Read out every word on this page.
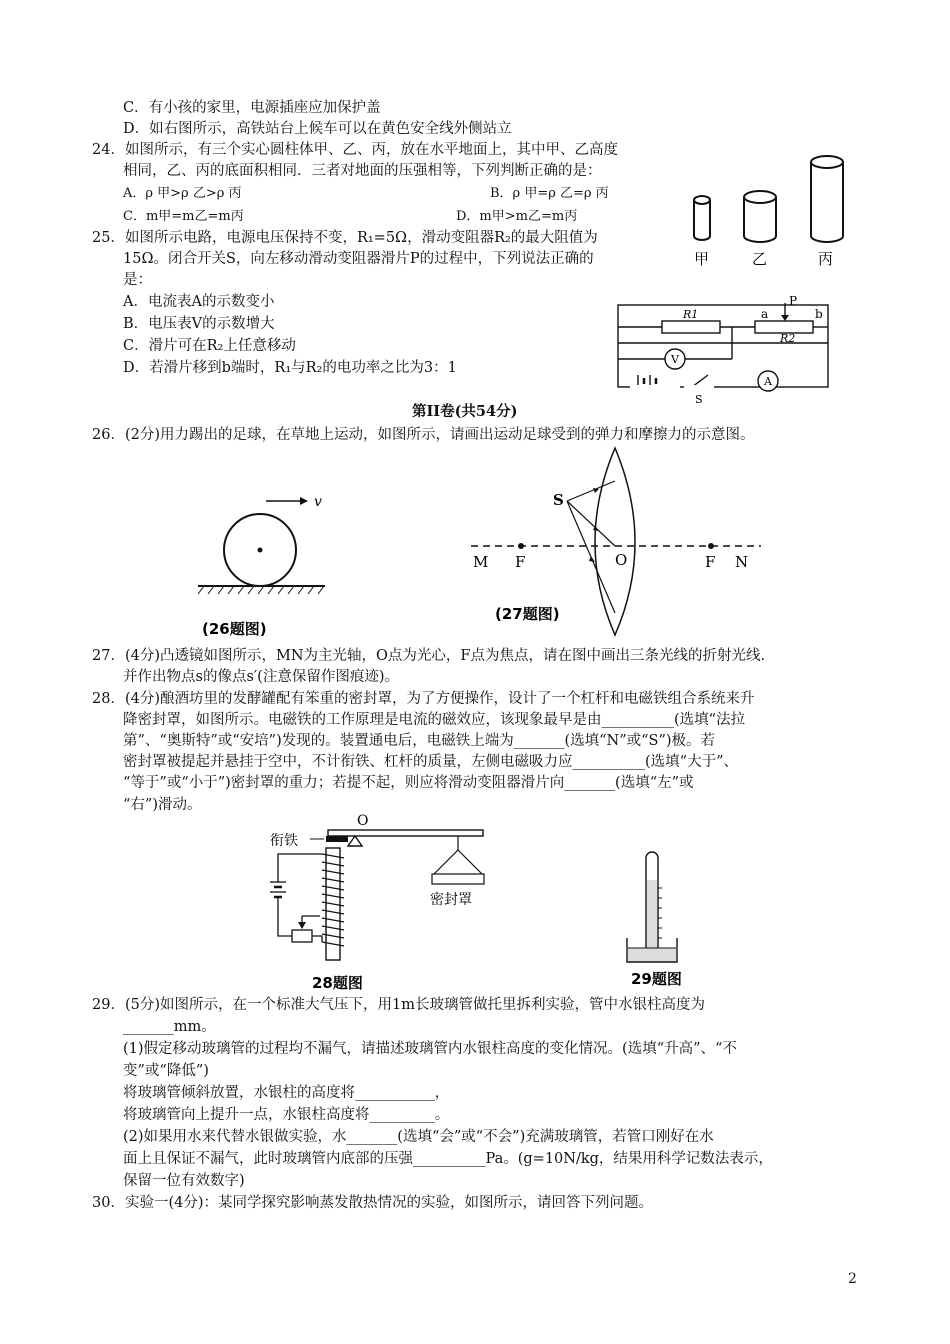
C．有小孩的家里，电源插座应加保护盖
D．如右图所示，高铁站台上候车可以在黄色安全线外侧站立
24．如图所示，有三个实心圆柱体甲、乙、丙，放在水平地面上，其中甲、乙高度
相同，乙、丙的底面积相同．三者对地面的压强相等，下列判断正确的是：
A．ρ 甲>ρ 乙>ρ 丙	B．ρ 甲=ρ 乙=ρ 丙
C．m甲=m乙=m丙	D．m甲>m乙=m丙
25．如图所示电路，电源电压保持不变，R₁=5Ω，滑动变阻器R₂的最大阻值为
15Ω。闭合开关S，向左移动滑动变阻器滑片P的过程中，下列说法正确的
是：
A．电流表A的示数变小
B．电压表V的示数增大
C．滑片可在R₂上任意移动
D．若滑片移到b端时，R₁与R₂的电功率之比为3：1
第II卷(共54分)
26．(2分)用力踢出的足球，在草地上运动，如图所示，请画出运动足球受到的弹力和摩擦力的示意图。
27．(4分)凸透镜如图所示，MN为主光轴，O点为光心，F点为焦点，请在图中画出三条光线的折射光线.
并作出物点s的像点s′(注意保留作图痕迹)。
28．(4分)酿酒坊里的发酵罐配有笨重的密封罩，为了方便操作，设计了一个杠杆和电磁铁组合系统来升
降密封罩，如图所示。电磁铁的工作原理是电流的磁效应，该现象最早是由__________(选填“法拉
第”、“奥斯特”或“安培”)发现的。装置通电后，电磁铁上端为_______(选填“N”或“S”)极。若
密封罩被提起并悬挂于空中，不计衔铁、杠杆的质量，左侧电磁吸力应__________(选填“大于”、
“等于”或“小于”)密封罩的重力；若提不起，则应将滑动变阻器滑片向_______(选填“左”或
“右”)滑动。
29．(5分)如图所示，在一个标准大气压下，用1m长玻璃管做托里拆利实验，管中水银柱高度为
_______mm。
(1)假定移动玻璃管的过程均不漏气，请描述玻璃管内水银柱高度的变化情况。(选填“升高”、“不
变”或“降低”)
将玻璃管倾斜放置，水银柱的高度将___________，
将玻璃管向上提升一点，水银柱高度将_________。
(2)如果用水来代替水银做实验，水_______(选填“会”或“不会”)充满玻璃管，若管口刚好在水
面上且保证不漏气，此时玻璃管内底部的压强__________Pa。(g=10N/kg，结果用科学记数法表示，
保留一位有效数字)
30．实验一(4分)：某同学探究影响蒸发散热情况的实验，如图所示，请回答下列问题。
甲	乙	丙
R1
R2
P
a	b
V
A
S
v
(26题图)
S
M F	O	F N
(27题图)
O
衔铁
密封罩
28题图	29题图
2
